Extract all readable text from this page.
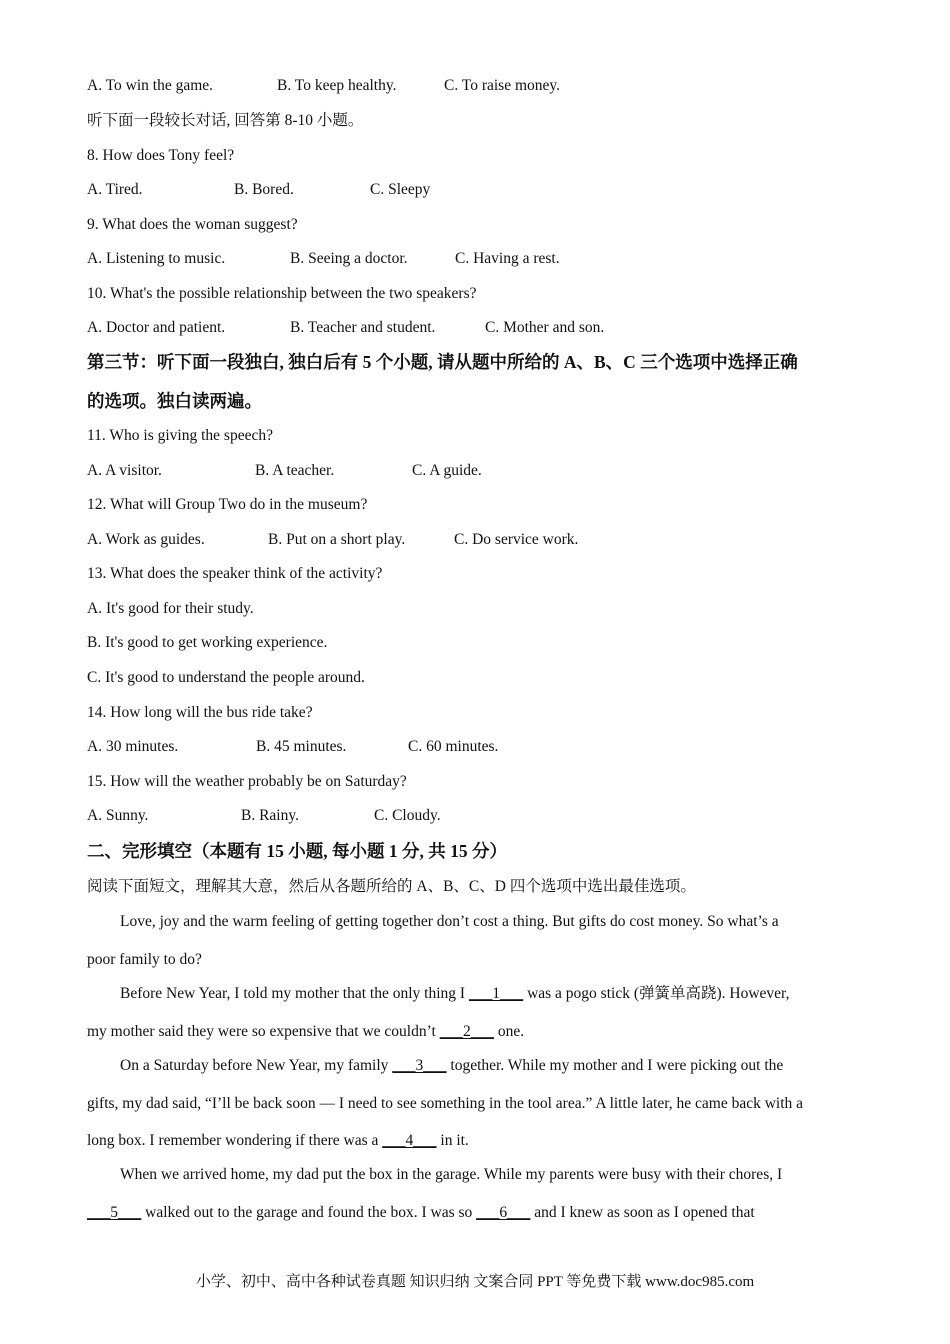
A. To win the game.	B. To keep healthy.	C. To raise money.
听下面一段较长对话, 回答第 8-10 小题。
8. How does Tony feel?
A. Tired.	B. Bored.	C. Sleepy
9. What does the woman suggest?
A. Listening to music.	B. Seeing a doctor.	C. Having a rest.
10. What's the possible relationship between the two speakers?
A. Doctor and patient.	B. Teacher and student.	C. Mother and son.
第三节：听下面一段独白, 独白后有 5 个小题, 请从题中所给的 A、B、C 三个选项中选择正确
的选项。独白读两遍。
11. Who is giving the speech?
A. A visitor.	B. A teacher.	C. A guide.
12. What will Group Two do in the museum?
A. Work as guides.	B. Put on a short play.	C. Do service work.
13. What does the speaker think of the activity?
A. It's good for their study.
B. It's good to get working experience.
C. It's good to understand the people around.
14. How long will the bus ride take?
A. 30 minutes.	B. 45 minutes.	C. 60 minutes.
15. How will the weather probably be on Saturday?
A. Sunny.	B. Rainy.	C. Cloudy.
二、完形填空（本题有 15 小题, 每小题 1 分, 共 15 分）
阅读下面短文，理解其大意，然后从各题所给的 A、B、C、D 四个选项中选出最佳选项。
Love, joy and the warm feeling of getting together don’t cost a thing. But gifts do cost money. So what’s a
poor family to do?
Before New Year, I told my mother that the only thing I ___1___ was a pogo stick (弹簧单高跷). However,
my mother said they were so expensive that we couldn’t ___2___ one.
On a Saturday before New Year, my family ___3___ together. While my mother and I were picking out the
gifts, my dad said, “I’ll be back soon — I need to see something in the tool area.” A little later, he came back with a
long box. I remember wondering if there was a ___4___ in it.
When we arrived home, my dad put the box in the garage. While my parents were busy with their chores, I
___5___ walked out to the garage and found the box. I was so ___6___ and I knew as soon as I opened that
小学、初中、高中各种试卷真题 知识归纳 文案合同 PPT 等免费下载 www.doc985.com
